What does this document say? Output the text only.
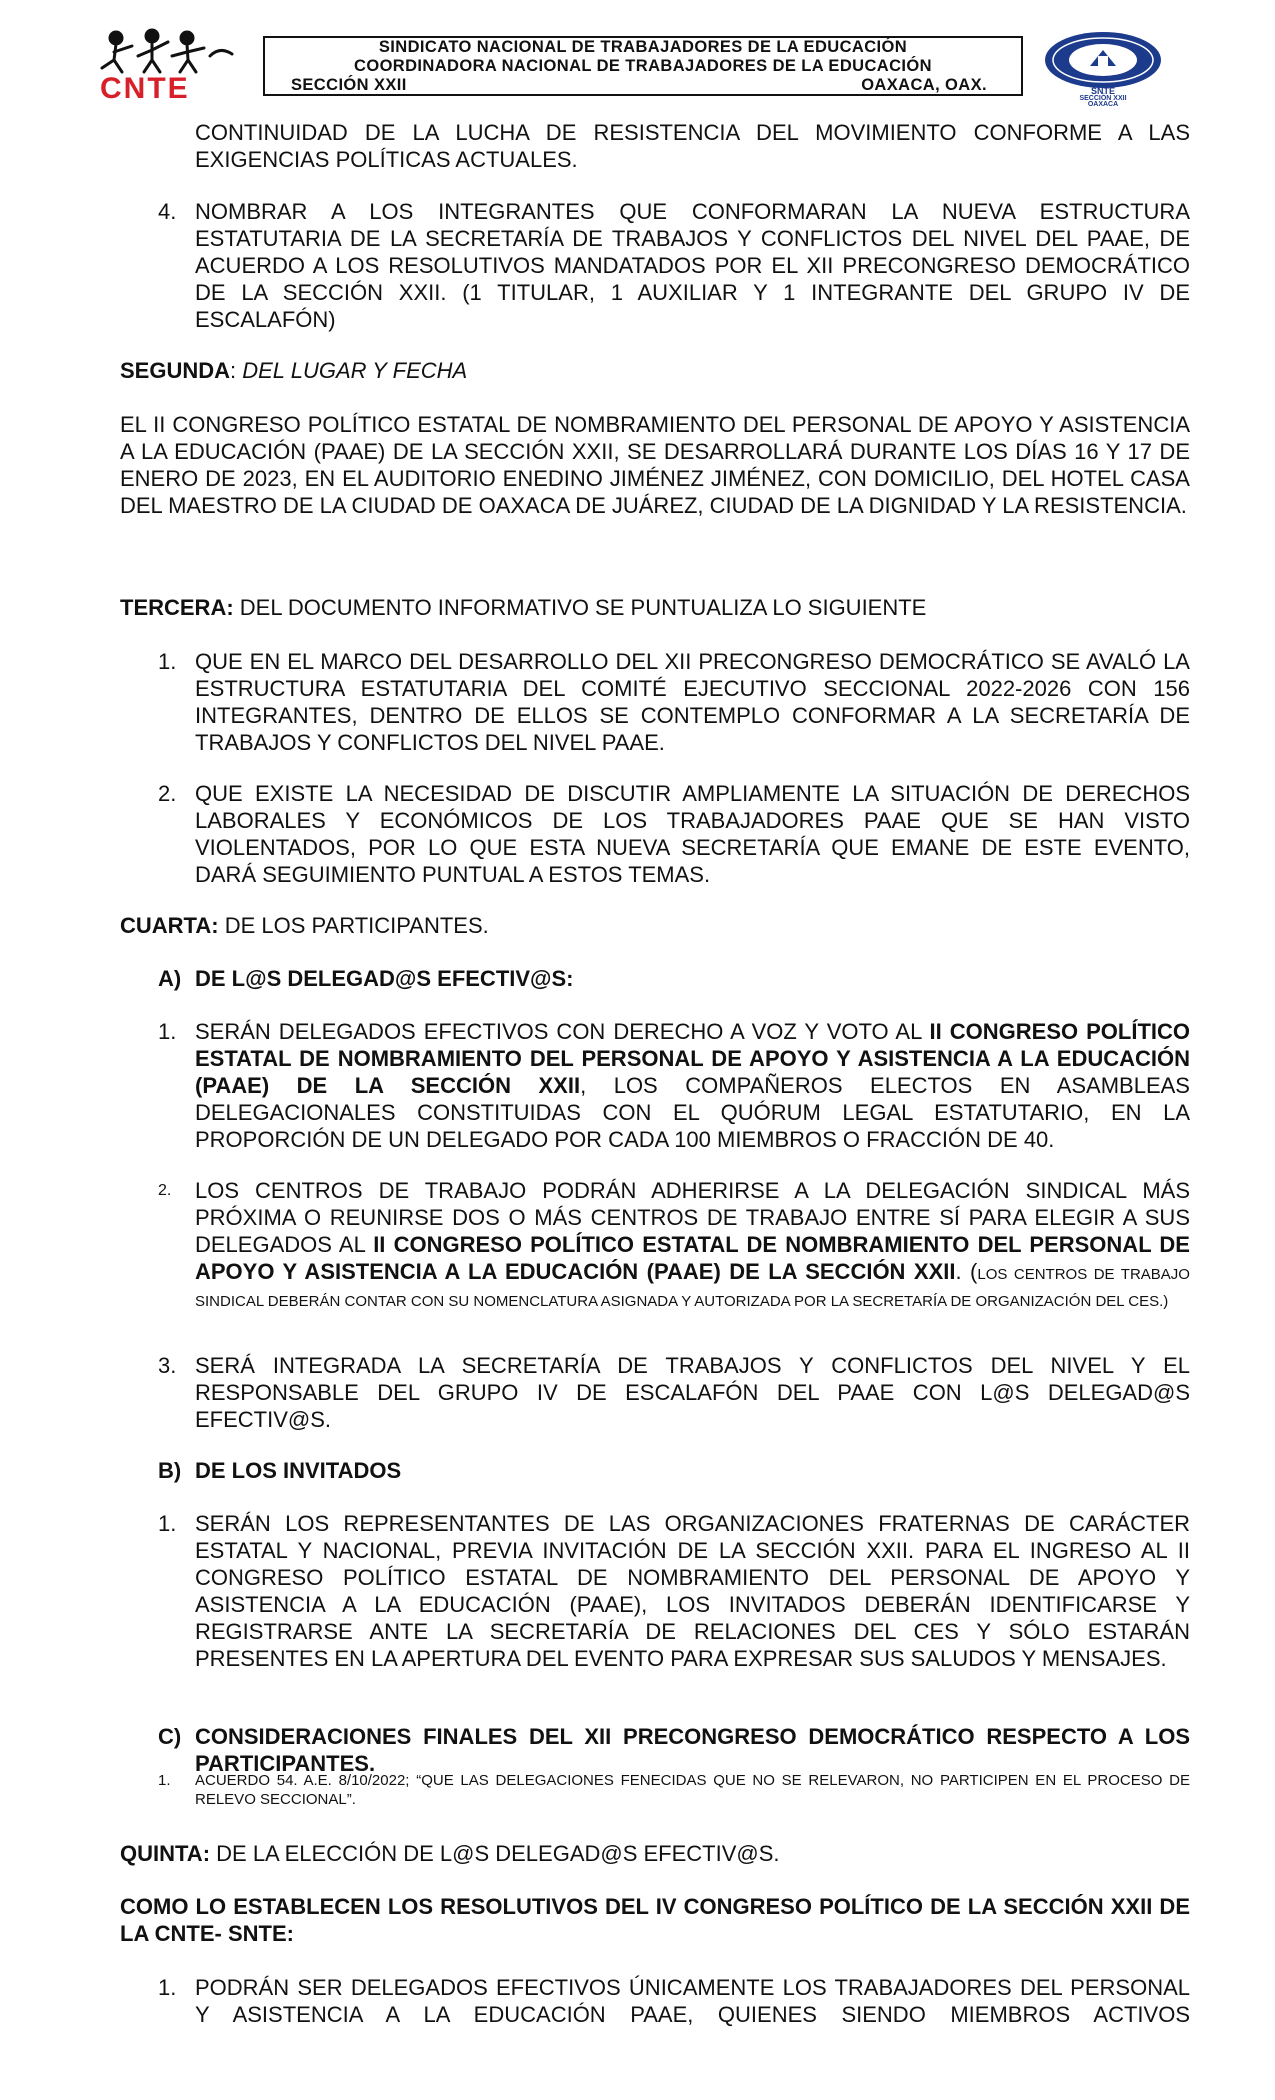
CNTE
SINDICATO NACIONAL DE TRABAJADORES DE LA EDUCACIÓN
COORDINADORA NACIONAL DE TRABAJADORES DE LA EDUCACIÓN
SECCIÓN XXII	OAXACA, OAX.	SNTE
SECCIÓN XXII
OAXACA
CONTINUIDAD DE LA LUCHA DE RESISTENCIA DEL MOVIMIENTO CONFORME A LAS EXIGENCIAS POLÍTICAS ACTUALES.
4. NOMBRAR A LOS INTEGRANTES QUE CONFORMARAN LA NUEVA ESTRUCTURA ESTATUTARIA DE LA SECRETARÍA DE TRABAJOS Y CONFLICTOS DEL NIVEL DEL PAAE, DE ACUERDO A LOS RESOLUTIVOS MANDATADOS POR EL XII PRECONGRESO DEMOCRÁTICO DE LA SECCIÓN XXII. (1 TITULAR, 1 AUXILIAR Y 1 INTEGRANTE DEL GRUPO IV DE ESCALAFÓN)
SEGUNDA: DEL LUGAR Y FECHA
EL II CONGRESO POLÍTICO ESTATAL DE NOMBRAMIENTO DEL PERSONAL DE APOYO Y ASISTENCIA A LA EDUCACIÓN (PAAE) DE LA SECCIÓN XXII, SE DESARROLLARÁ DURANTE LOS DÍAS 16 Y 17 DE ENERO DE 2023, EN EL AUDITORIO ENEDINO JIMÉNEZ JIMÉNEZ, CON DOMICILIO, DEL HOTEL CASA DEL MAESTRO DE LA CIUDAD DE OAXACA DE JUÁREZ, CIUDAD DE LA DIGNIDAD Y LA RESISTENCIA.
TERCERA: DEL DOCUMENTO INFORMATIVO SE PUNTUALIZA LO SIGUIENTE
1. QUE EN EL MARCO DEL DESARROLLO DEL XII PRECONGRESO DEMOCRÁTICO SE AVALÓ LA ESTRUCTURA ESTATUTARIA DEL COMITÉ EJECUTIVO SECCIONAL 2022-2026 CON 156 INTEGRANTES, DENTRO DE ELLOS SE CONTEMPLO CONFORMAR A LA SECRETARÍA DE TRABAJOS Y CONFLICTOS DEL NIVEL PAAE.
2. QUE EXISTE LA NECESIDAD DE DISCUTIR AMPLIAMENTE LA SITUACIÓN DE DERECHOS LABORALES Y ECONÓMICOS DE LOS TRABAJADORES PAAE QUE SE HAN VISTO VIOLENTADOS, POR LO QUE ESTA NUEVA SECRETARÍA QUE EMANE DE ESTE EVENTO, DARÁ SEGUIMIENTO PUNTUAL A ESTOS TEMAS.
CUARTA: DE LOS PARTICIPANTES.
A) DE L@S DELEGAD@S EFECTIV@S:
1. SERÁN DELEGADOS EFECTIVOS CON DERECHO A VOZ Y VOTO AL II CONGRESO POLÍTICO ESTATAL DE NOMBRAMIENTO DEL PERSONAL DE APOYO Y ASISTENCIA A LA EDUCACIÓN (PAAE) DE LA SECCIÓN XXII, LOS COMPAÑEROS ELECTOS EN ASAMBLEAS DELEGACIONALES CONSTITUIDAS CON EL QUÓRUM LEGAL ESTATUTARIO, EN LA PROPORCIÓN DE UN DELEGADO POR CADA 100 MIEMBROS O FRACCIÓN DE 40.
2. LOS CENTROS DE TRABAJO PODRÁN ADHERIRSE A LA DELEGACIÓN SINDICAL MÁS PRÓXIMA O REUNIRSE DOS O MÁS CENTROS DE TRABAJO ENTRE SÍ PARA ELEGIR A SUS DELEGADOS AL II CONGRESO POLÍTICO ESTATAL DE NOMBRAMIENTO DEL PERSONAL DE APOYO Y ASISTENCIA A LA EDUCACIÓN (PAAE) DE LA SECCIÓN XXII. (LOS CENTROS DE TRABAJO SINDICAL DEBERÁN CONTAR CON SU NOMENCLATURA ASIGNADA Y AUTORIZADA POR LA SECRETARÍA DE ORGANIZACIÓN DEL CES.)
3. SERÁ INTEGRADA LA SECRETARÍA DE TRABAJOS Y CONFLICTOS DEL NIVEL Y EL RESPONSABLE DEL GRUPO IV DE ESCALAFÓN DEL PAAE CON L@S DELEGAD@S EFECTIV@S.
B) DE LOS INVITADOS
1. SERÁN LOS REPRESENTANTES DE LAS ORGANIZACIONES FRATERNAS DE CARÁCTER ESTATAL Y NACIONAL, PREVIA INVITACIÓN DE LA SECCIÓN XXII. PARA EL INGRESO AL II CONGRESO POLÍTICO ESTATAL DE NOMBRAMIENTO DEL PERSONAL DE APOYO Y ASISTENCIA A LA EDUCACIÓN (PAAE), LOS INVITADOS DEBERÁN IDENTIFICARSE Y REGISTRARSE ANTE LA SECRETARÍA DE RELACIONES DEL CES Y SÓLO ESTARÁN PRESENTES EN LA APERTURA DEL EVENTO PARA EXPRESAR SUS SALUDOS Y MENSAJES.
C) CONSIDERACIONES FINALES DEL XII PRECONGRESO DEMOCRÁTICO RESPECTO A LOS PARTICIPANTES.
1. ACUERDO 54. A.E. 8/10/2022; “QUE LAS DELEGACIONES FENECIDAS QUE NO SE RELEVARON, NO PARTICIPEN EN EL PROCESO DE RELEVO SECCIONAL”.
QUINTA: DE LA ELECCIÓN DE L@S DELEGAD@S EFECTIV@S.
COMO LO ESTABLECEN LOS RESOLUTIVOS DEL IV CONGRESO POLÍTICO DE LA SECCIÓN XXII DE LA CNTE- SNTE:
1. PODRÁN SER DELEGADOS EFECTIVOS ÚNICAMENTE LOS TRABAJADORES DEL PERSONAL Y ASISTENCIA A LA EDUCACIÓN PAAE, QUIENES SIENDO MIEMBROS ACTIVOS
